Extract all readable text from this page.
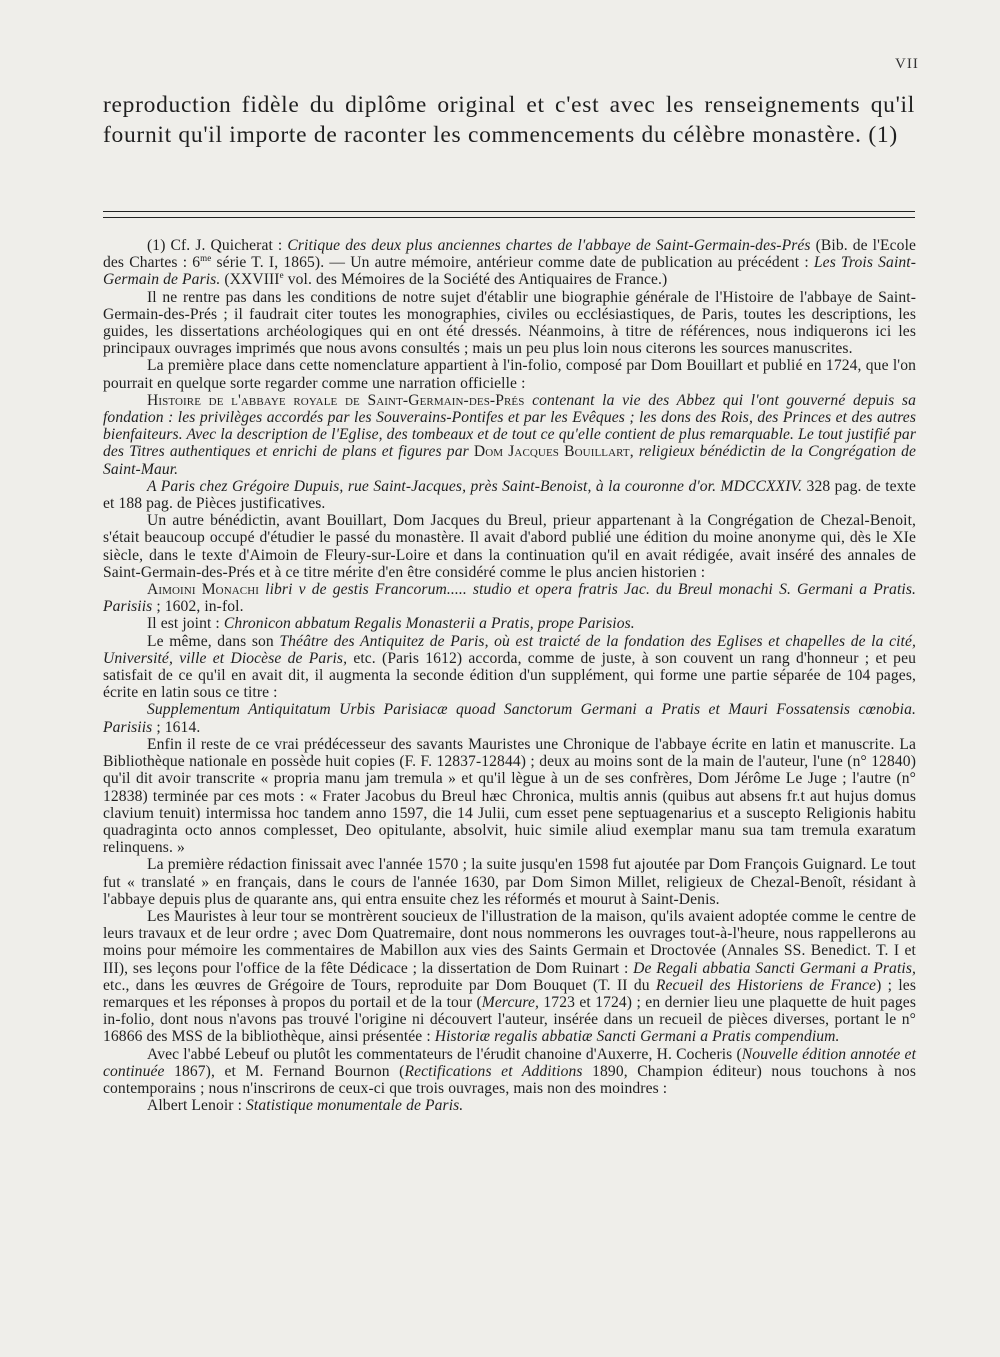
VII

reproduction fidèle du diplôme original et c'est avec les renseignements qu'il fournit qu'il importe de raconter les commencements du célèbre monastère. (1)

(1) Cf. J. Quicherat : Critique des deux plus anciennes chartes de l'abbaye de Saint-Germain-des-Prés (Bib. de l'Ecole des Chartes : $6^{me}$ série T. I, 1865). — Un autre mémoire, antérieur comme date de publication au précédent : Les Trois Saint-Germain de Paris. (XXVIIIe vol. des Mémoires de la Société des Antiquaires de France.)

Il ne rentre pas dans les conditions de notre sujet d'établir une biographie générale de l'Histoire de l'abbaye de Saint-Germain-des-Prés ; il faudrait citer toutes les monographies, civiles ou ecclésiastiques, de Paris, toutes les descriptions, les guides, les dissertations archéologiques qui en ont été dressés. Néanmoins, à titre de références, nous indiquerons ici les principaux ouvrages imprimés que nous avons consultés ; mais un peu plus loin nous citerons les sources manuscrites.

La première place dans cette nomenclature appartient à l'in-folio, composé par Dom Bouillart et publié en 1724, que l'on pourrait en quelque sorte regarder comme une narration officielle :

Histoire de l'abbaye royale de Saint-Germain-des-Prés contenant la vie des Abbez qui l'ont gouverné depuis sa fondation : les privilèges accordés par les Souverains-Pontifes et par les Evêques ; les dons des Rois, des Princes et des autres bienfaiteurs. Avec la description de l'Eglise, des tombeaux et de tout ce qu'elle contient de plus remarquable. Le tout justifié par des Titres authentiques et enrichi de plans et figures par Dom Jacques Bouillart, religieux bénédictin de la Congrégation de Saint-Maur.

A Paris chez Grégoire Dupuis, rue Saint-Jacques, près Saint-Benoist, à la couronne d'or. MDCCXXIV. 328 pag. de texte et 188 pag. de Pièces justificatives.

Un autre bénédictin, avant Bouillart, Dom Jacques du Breul, prieur appartenant à la Congrégation de Chezal-Benoit, s'était beaucoup occupé d'étudier le passé du monastère. Il avait d'abord publié une édition du moine anonyme qui, dès le XIe siècle, dans le texte d'Aimoin de Fleury-sur-Loire et dans la continuation qu'il en avait rédigée, avait inséré des annales de Saint-Germain-des-Prés et à ce titre mérite d'en être considéré comme le plus ancien historien :

Aimoini Monachi libri v de gestis Francorum..... studio et opera fratris Jac. du Breul monachi S. Germani a Pratis. Parisiis ; 1602, in-fol.

Il est joint : Chronicon abbatum Regalis Monasterii a Pratis, prope Parisios.

Le même, dans son Théâtre des Antiquitez de Paris, où est traicté de la fondation des Eglises et chapelles de la cité, Université, ville et Diocèse de Paris, etc. (Paris 1612) accorda, comme de juste, à son couvent un rang d'honneur ; et peu satisfait de ce qu'il en avait dit, il augmenta la seconde édition d'un supplément, qui forme une partie séparée de 104 pages, écrite en latin sous ce titre :

Supplementum Antiquitatum Urbis Parisiacæ quoad Sanctorum Germani a Pratis et Mauri Fossatensis cœnobia. Parisiis ; 1614.

Enfin il reste de ce vrai prédécesseur des savants Mauristes une Chronique de l'abbaye écrite en latin et manuscrite. La Bibliothèque nationale en possède huit copies (F. F. 12837-12844) ; deux au moins sont de la main de l'auteur, l'une (n° 12840) qu'il dit avoir transcrite « propria manu jam tremula » et qu'il lègue à un de ses confrères, Dom Jérôme Le Juge ; l'autre (n° 12838) terminée par ces mots : « Frater Jacobus du Breul hæc Chronica, multis annis (quibus aut absens fr.t aut hujus domus clavium tenuit) intermissa hoc tandem anno 1597, die 14 Julii, cum esset pene septuagenarius et a suscepto Religionis habitu quadraginta octo annos complesset, Deo opitulante, absolvit, huic simile aliud exemplar manu sua tam tremula exaratum relinquens. »

La première rédaction finissait avec l'année 1570 ; la suite jusqu'en 1598 fut ajoutée par Dom François Guignard. Le tout fut « translaté » en français, dans le cours de l'année 1630, par Dom Simon Millet, religieux de Chezal-Benoît, résidant à l'abbaye depuis plus de quarante ans, qui entra ensuite chez les réformés et mourut à Saint-Denis.

Les Mauristes à leur tour se montrèrent soucieux de l'illustration de la maison, qu'ils avaient adoptée comme le centre de leurs travaux et de leur ordre ; avec Dom Quatremaire, dont nous nommerons les ouvrages tout-à-l'heure, nous rappellerons au moins pour mémoire les commentaires de Mabillon aux vies des Saints Germain et Droctovée (Annales SS. Benedict. T. I et III), ses leçons pour l'office de la fête Dédicace ; la dissertation de Dom Ruinart : De Regali abbatia Sancti Germani a Pratis, etc., dans les œuvres de Grégoire de Tours, reproduite par Dom Bouquet (T. II du Recueil des Historiens de France) ; les remarques et les réponses à propos du portail et de la tour (Mercure, 1723 et 1724) ; en dernier lieu une plaquette de huit pages in-folio, dont nous n'avons pas trouvé l'origine ni découvert l'auteur, insérée dans un recueil de pièces diverses, portant le n° 16866 des MSS de la bibliothèque, ainsi présentée : Historiæ regalis abbatiæ Sancti Germani a Pratis compendium.

Avec l'abbé Lebeuf ou plutôt les commentateurs de l'érudit chanoine d'Auxerre, H. Cocheris (Nouvelle édition annotée et continuée 1867), et M. Fernand Bournon (Rectifications et Additions 1890, Champion éditeur) nous touchons à nos contemporains ; nous n'inscrirons de ceux-ci que trois ouvrages, mais non des moindres :

Albert Lenoir : Statistique monumentale de Paris.
